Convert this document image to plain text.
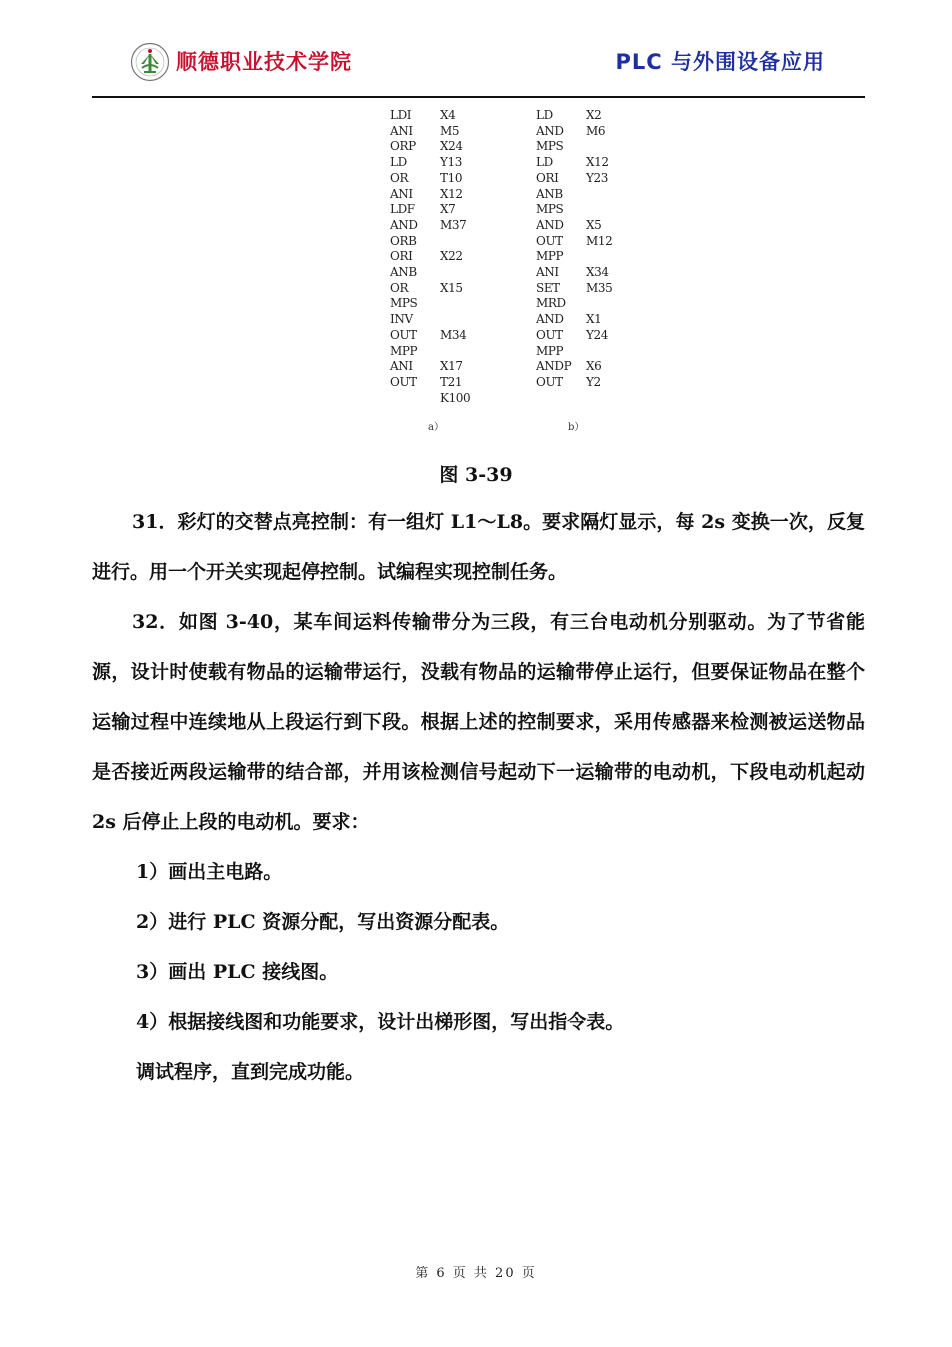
顺德职业技术学院	PLC 与外围设备应用
LDI	X4
ANI	M5
ORP	X24
LD	Y13
OR	T10
ANI	X12
LDF	X7
AND	M37
ORB
ORI	X22
ANB
OR	X15
MPS
INV
OUT	M34
MPP
ANI	X17
OUT	T21
K100
LD	X2
AND	M6
MPS
LD	X12
ORI	Y23
ANB
MPS
AND	X5
OUT	M12
MPP
ANI	X34
SET	M35
MRD
AND	X1
OUT	Y24
MPP
ANDP	X6
OUT	Y2
a）	b）
图 3-39
31．彩灯的交替点亮控制：有一组灯 L1～L8。要求隔灯显示，每 2s 变换一次，反复进行。用一个开关实现起停控制。试编程实现控制任务。
32．如图 3-40，某车间运料传输带分为三段，有三台电动机分别驱动。为了节省能源，设计时使载有物品的运输带运行，没载有物品的运输带停止运行，但要保证物品在整个运输过程中连续地从上段运行到下段。根据上述的控制要求，采用传感器来检测被运送物品是否接近两段运输带的结合部，并用该检测信号起动下一运输带的电动机，下段电动机起动 2s 后停止上段的电动机。要求：
1）画出主电路。
2）进行 PLC 资源分配，写出资源分配表。
3）画出 PLC 接线图。
4）根据接线图和功能要求，设计出梯形图，写出指令表。
调试程序，直到完成功能。
第 6 页 共 20 页
